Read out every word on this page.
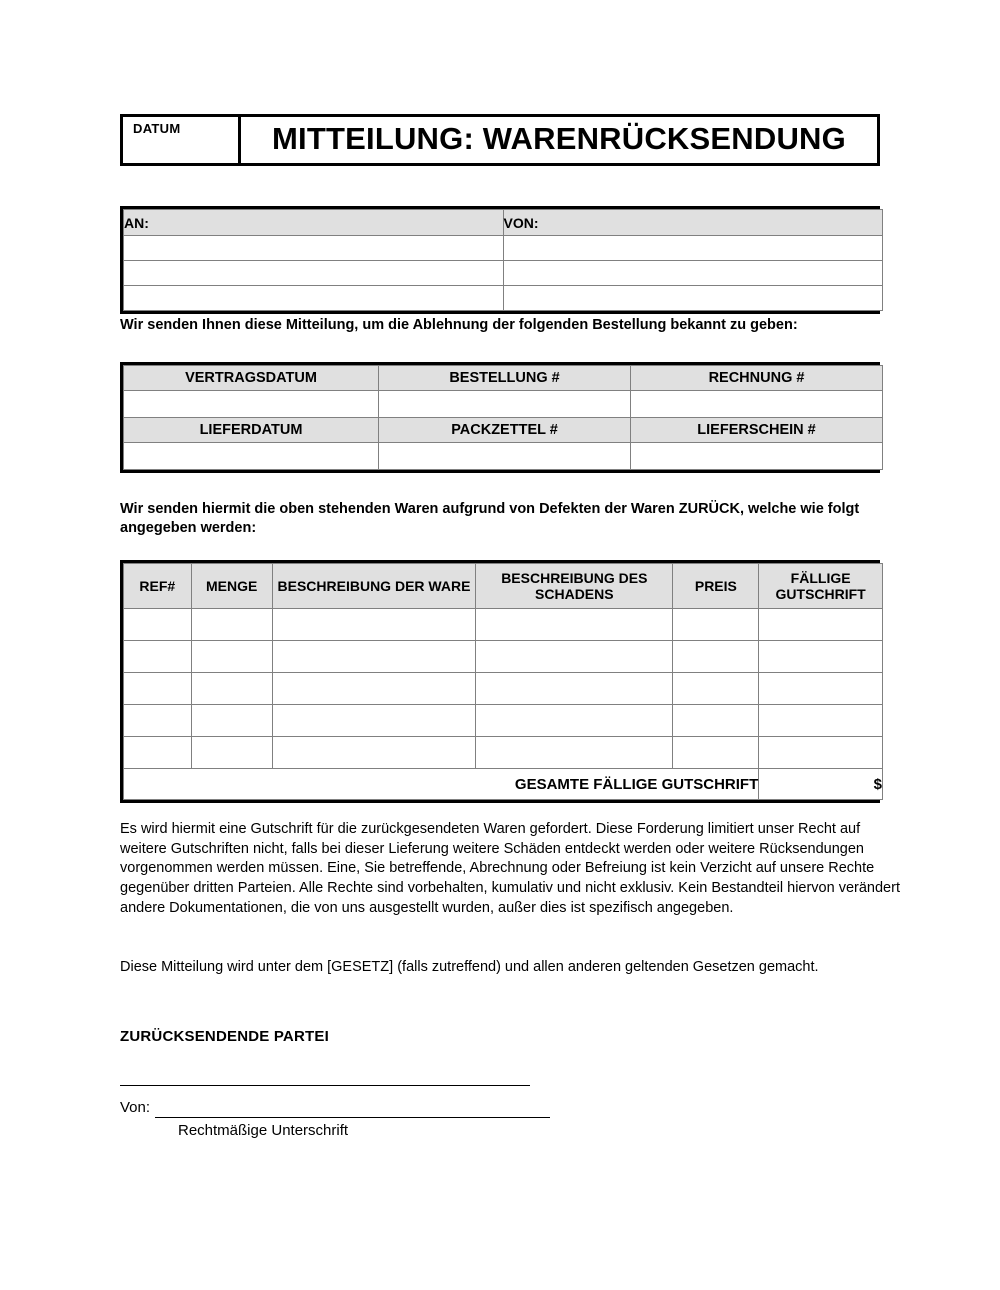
DATUM	MITTEILUNG: WARENRÜCKSENDUNG
AN:	VON:

Wir senden Ihnen diese Mitteilung, um die Ablehnung der folgenden Bestellung bekannt zu geben:
VERTRAGSDATUM	BESTELLUNG #	RECHNUNG #

LIEFERDATUM	PACKZETTEL #	LIEFERSCHEIN #

Wir senden hiermit die oben stehenden Waren aufgrund von Defekten der Waren ZURÜCK, welche wie folgt angegeben werden:
REF#	MENGE	BESCHREIBUNG DER WARE	BESCHREIBUNG DES SCHADENS	PREIS	FÄLLIGE GUTSCHRIFT

GESAMTE FÄLLIGE GUTSCHRIFT					$
Es wird hiermit eine Gutschrift für die zurückgesendeten Waren gefordert. Diese Forderung limitiert unser Recht auf weitere Gutschriften nicht, falls bei dieser Lieferung weitere Schäden entdeckt werden oder weitere Rücksendungen vorgenommen werden müssen. Eine, Sie betreffende, Abrechnung oder Befreiung ist kein Verzicht auf unsere Rechte gegenüber dritten Parteien. Alle Rechte sind vorbehalten, kumulativ und nicht exklusiv. Kein Bestandteil hiervon verändert andere Dokumentationen, die von uns ausgestellt wurden, außer dies ist spezifisch angegeben.
Diese Mitteilung wird unter dem [GESETZ] (falls zutreffend) und allen anderen geltenden Gesetzen gemacht.
ZURÜCKSENDENDE PARTEI
Von:
Rechtmäßige Unterschrift
